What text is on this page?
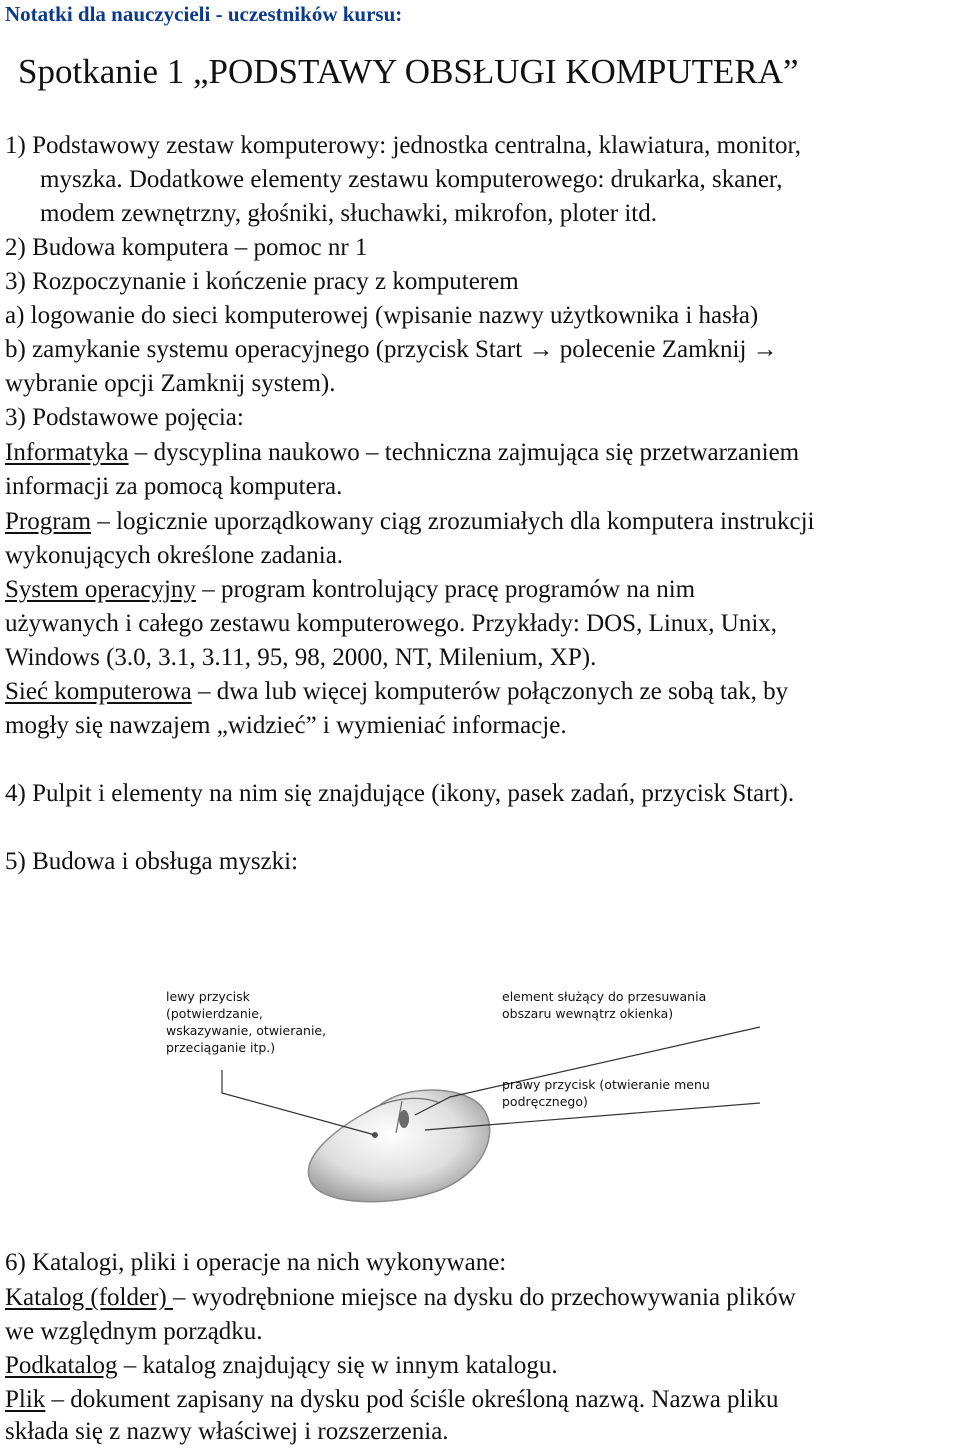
Notatki dla nauczycieli - uczestników kursu:
Spotkanie 1 „PODSTAWY OBSŁUGI KOMPUTERA”
1) Podstawowy zestaw komputerowy: jednostka centralna, klawiatura, monitor,
myszka. Dodatkowe elementy zestawu komputerowego: drukarka, skaner,
modem zewnętrzny, głośniki, słuchawki, mikrofon, ploter itd.
2) Budowa komputera – pomoc nr 1
3) Rozpoczynanie i kończenie pracy z komputerem
a) logowanie do sieci komputerowej (wpisanie nazwy użytkownika i hasła)
b) zamykanie systemu operacyjnego (przycisk Start → polecenie Zamknij →
wybranie opcji Zamknij system).
3) Podstawowe pojęcia:
Informatyka – dyscyplina naukowo – techniczna zajmująca się przetwarzaniem
informacji za pomocą komputera.
Program – logicznie uporządkowany ciąg zrozumiałych dla komputera instrukcji
wykonujących określone zadania.
System operacyjny – program kontrolujący pracę programów na nim
używanych i całego zestawu komputerowego. Przykłady: DOS, Linux, Unix,
Windows (3.0, 3.1, 3.11, 95, 98, 2000, NT, Milenium, XP).
Sieć komputerowa – dwa lub więcej komputerów połączonych ze sobą tak, by
mogły się nawzajem „widzieć” i wymieniać informacje.
4) Pulpit i elementy na nim się znajdujące (ikony, pasek zadań, przycisk Start).
5) Budowa i obsługa myszki:
lewy przycisk
(potwierdzanie,
wskazywanie, otwieranie,
przeciąganie itp.)
element służący do przesuwania
obszaru wewnątrz okienka)
prawy przycisk (otwieranie menu
podręcznego)
6) Katalogi, pliki i operacje na nich wykonywane:
Katalog (folder) – wyodrębnione miejsce na dysku do przechowywania plików
we względnym porządku.
Podkatalog – katalog znajdujący się w innym katalogu.
Plik – dokument zapisany na dysku pod ściśle określoną nazwą. Nazwa pliku
składa się z nazwy właściwej i rozszerzenia.
